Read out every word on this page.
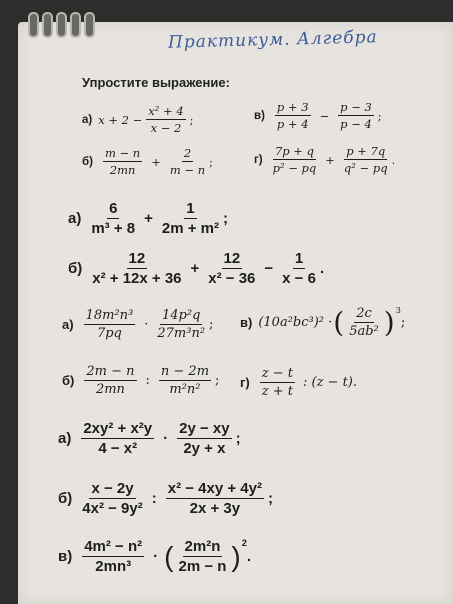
Практикум. Алгебра
Упростите выражение:
а) $x + 2 - \frac{\text{x² + 4}}{x - 2}$ ;	$в) \frac{p + 3}{p + 4} - \frac{p - 3}{p - 4}$ ;
$б) \frac{m - n}{2mn} + \frac{2}{m - n}$ ;	$г) \frac{7p + q}{\text{p² − pq}} + \frac{p + 7q}{\text{q² − pq}}$ .
$а) \frac{6}{\text{m³ + 8}} + \frac{1}{\text{2m + m²}}$ ;
$б) \frac{12}{\text{x² + 12x + 36}} + \frac{12}{\text{x² − 36}} - \frac{1}{x - 6}$ .
$а) \frac{\text{18m²n³}}{7pq} \cdot \frac{\text{14p²q}}{\text{27m³n²}}$ ; в) (10a²bc³)² · ( $\frac{2c}{\text{5ab²}} )^3$
;
$б) \frac{2m - n}{2mn}$ : $\frac{n - 2m}{\text{m²n²}}$ ; $г) \frac{z - t}{z + t}$ : (z − t).
$а) \frac{\text{2xy² + x²y}}{\text{4 − x²}} \cdot \frac{2y - xy}{2y + x}$ ;
$б) \frac{x - 2y}{\text{4x² − 9y²}}$ : $\frac{\text{x² − 4xy + 4y²}}{2x + 3y}$ ;
$в) \frac{\text{4m² − n²}}{\text{2mn³}}$ · ( $\frac{\text{2m²n}}{2m - n} )^2$
.
